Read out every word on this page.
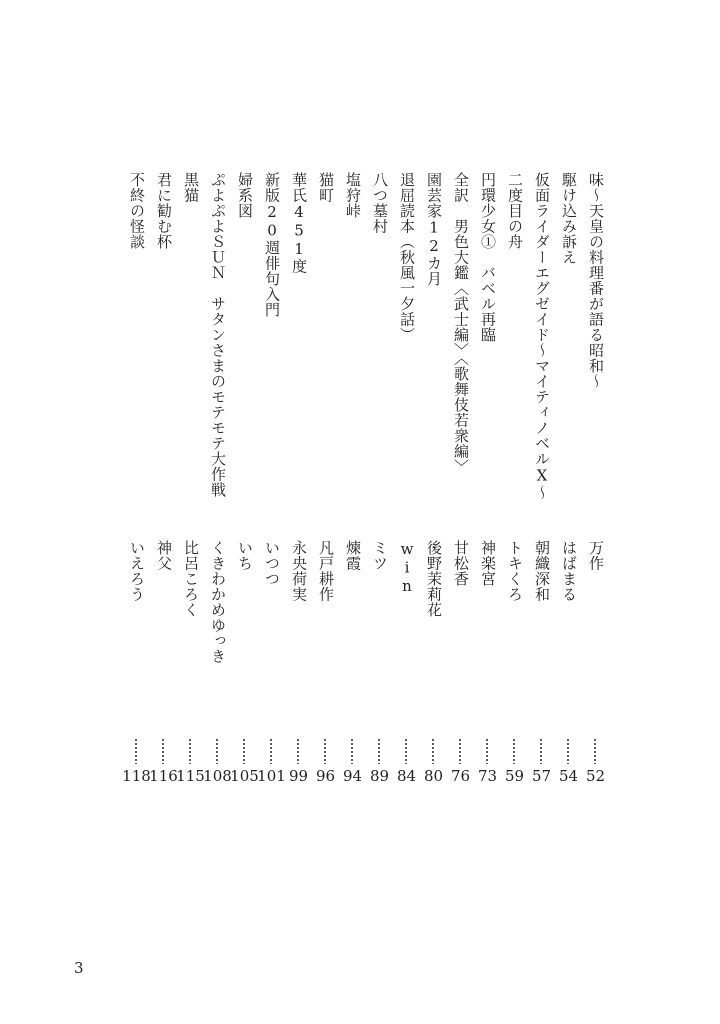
味～天皇の料理番が語る昭和～
万作
52
駆け込み訴え
はばまる
54
仮面ライダーエグゼイド～マイティノベルX～
朝織深和
57
二度目の舟
トキくろ
59
円環少女①　バベル再臨
神楽宮
73
全訳　男色大鑑〈武士編〉〈歌舞伎若衆編〉
甘松香
76
園芸家12カ月
後野茉莉花
80
退屈読本（秋風一夕話）
win
84
八つ墓村
ミツ
89
塩狩峠
煉霞
94
猫町
凡戸耕作
96
華氏451度
永央荷実
99
新版20週俳句入門
いつつ
101
婦系図
いち
105
ぷよぷよＳＵＮ　サタンさまのモテモテ大作戦
くきわかめゆっき
108
黒猫
比呂ころく
115
君に勧む杯
神父
116
不終の怪談
いえろう
118
3
